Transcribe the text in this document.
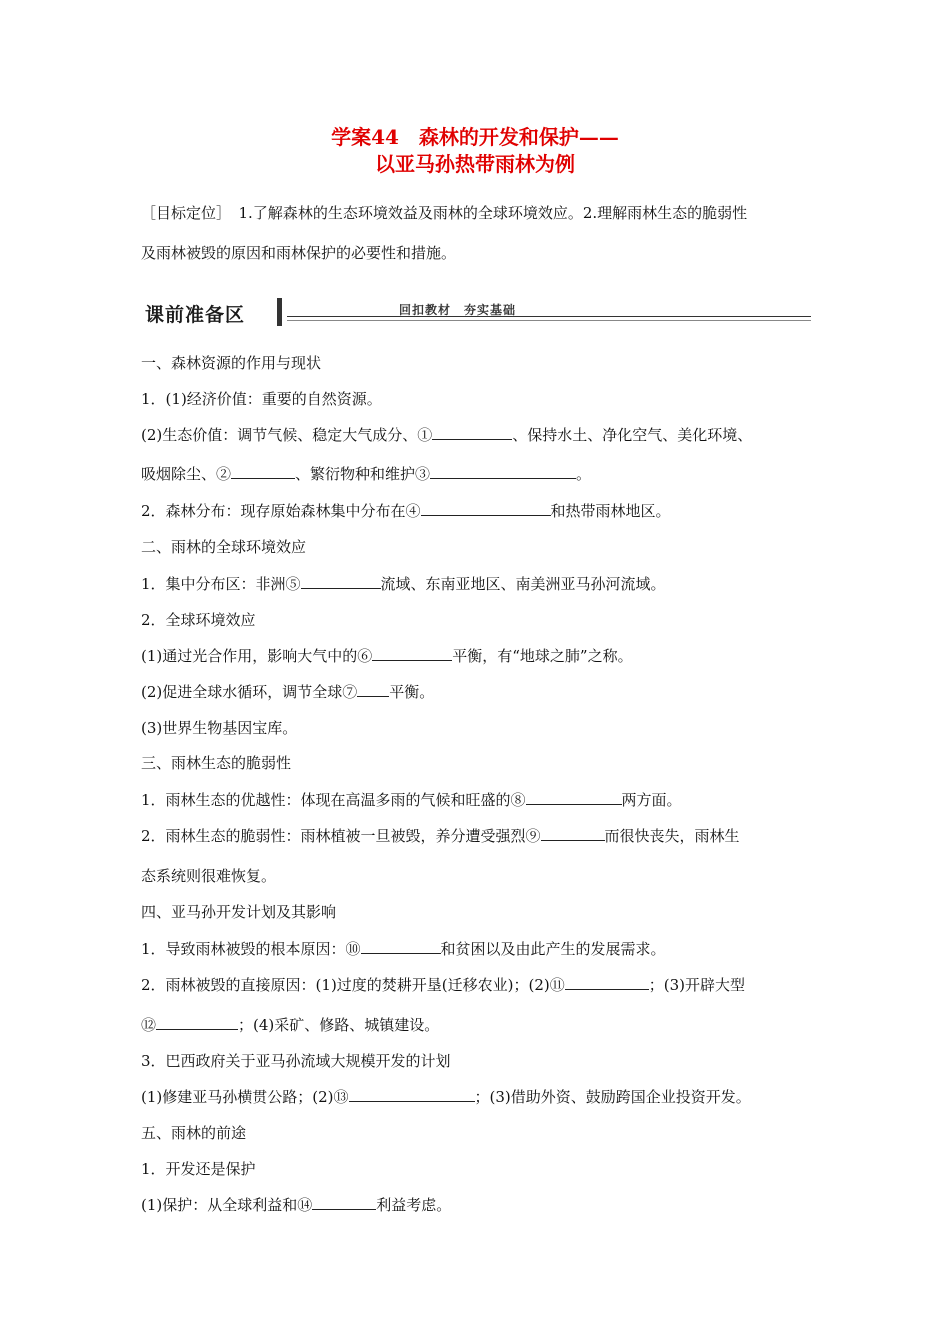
学案44　森林的开发和保护——
以亚马孙热带雨林为例
［目标定位］　1.了解森林的生态环境效益及雨林的全球环境效应。2.理解雨林生态的脆弱性
及雨林被毁的原因和雨林保护的必要性和措施。
课前准备区	回扣教材　夯实基础
一、森林资源的作用与现状
1．(1)经济价值：重要的自然资源。
(2)生态价值：调节气候、稳定大气成分、①	、保持水土、净化空气、美化环境、
吸烟除尘、②	、繁衍物种和维护③	。
2．森林分布：现存原始森林集中分布在④	和热带雨林地区。
二、雨林的全球环境效应
1．集中分布区：非洲⑤	流域、东南亚地区、南美洲亚马孙河流域。
2．全球环境效应
(1)通过光合作用，影响大气中的⑥	平衡，有“地球之肺”之称。
(2)促进全球水循环，调节全球⑦ 平衡。
(3)世界生物基因宝库。
三、雨林生态的脆弱性
1．雨林生态的优越性：体现在高温多雨的气候和旺盛的⑧	两方面。
2．雨林生态的脆弱性：雨林植被一旦被毁，养分遭受强烈⑨	而很快丧失，雨林生
态系统则很难恢复。
四、亚马孙开发计划及其影响
1．导致雨林被毁的根本原因：⑩	和贫困以及由此产生的发展需求。
2．雨林被毁的直接原因：(1)过度的焚耕开垦(迁移农业)；(2)⑪	；(3)开辟大型
⑫	；(4)采矿、修路、城镇建设。
3．巴西政府关于亚马孙流域大规模开发的计划
(1)修建亚马孙横贯公路；(2)⑬	；(3)借助外资、鼓励跨国企业投资开发。
五、雨林的前途
1．开发还是保护
(1)保护：从全球利益和⑭	利益考虑。
